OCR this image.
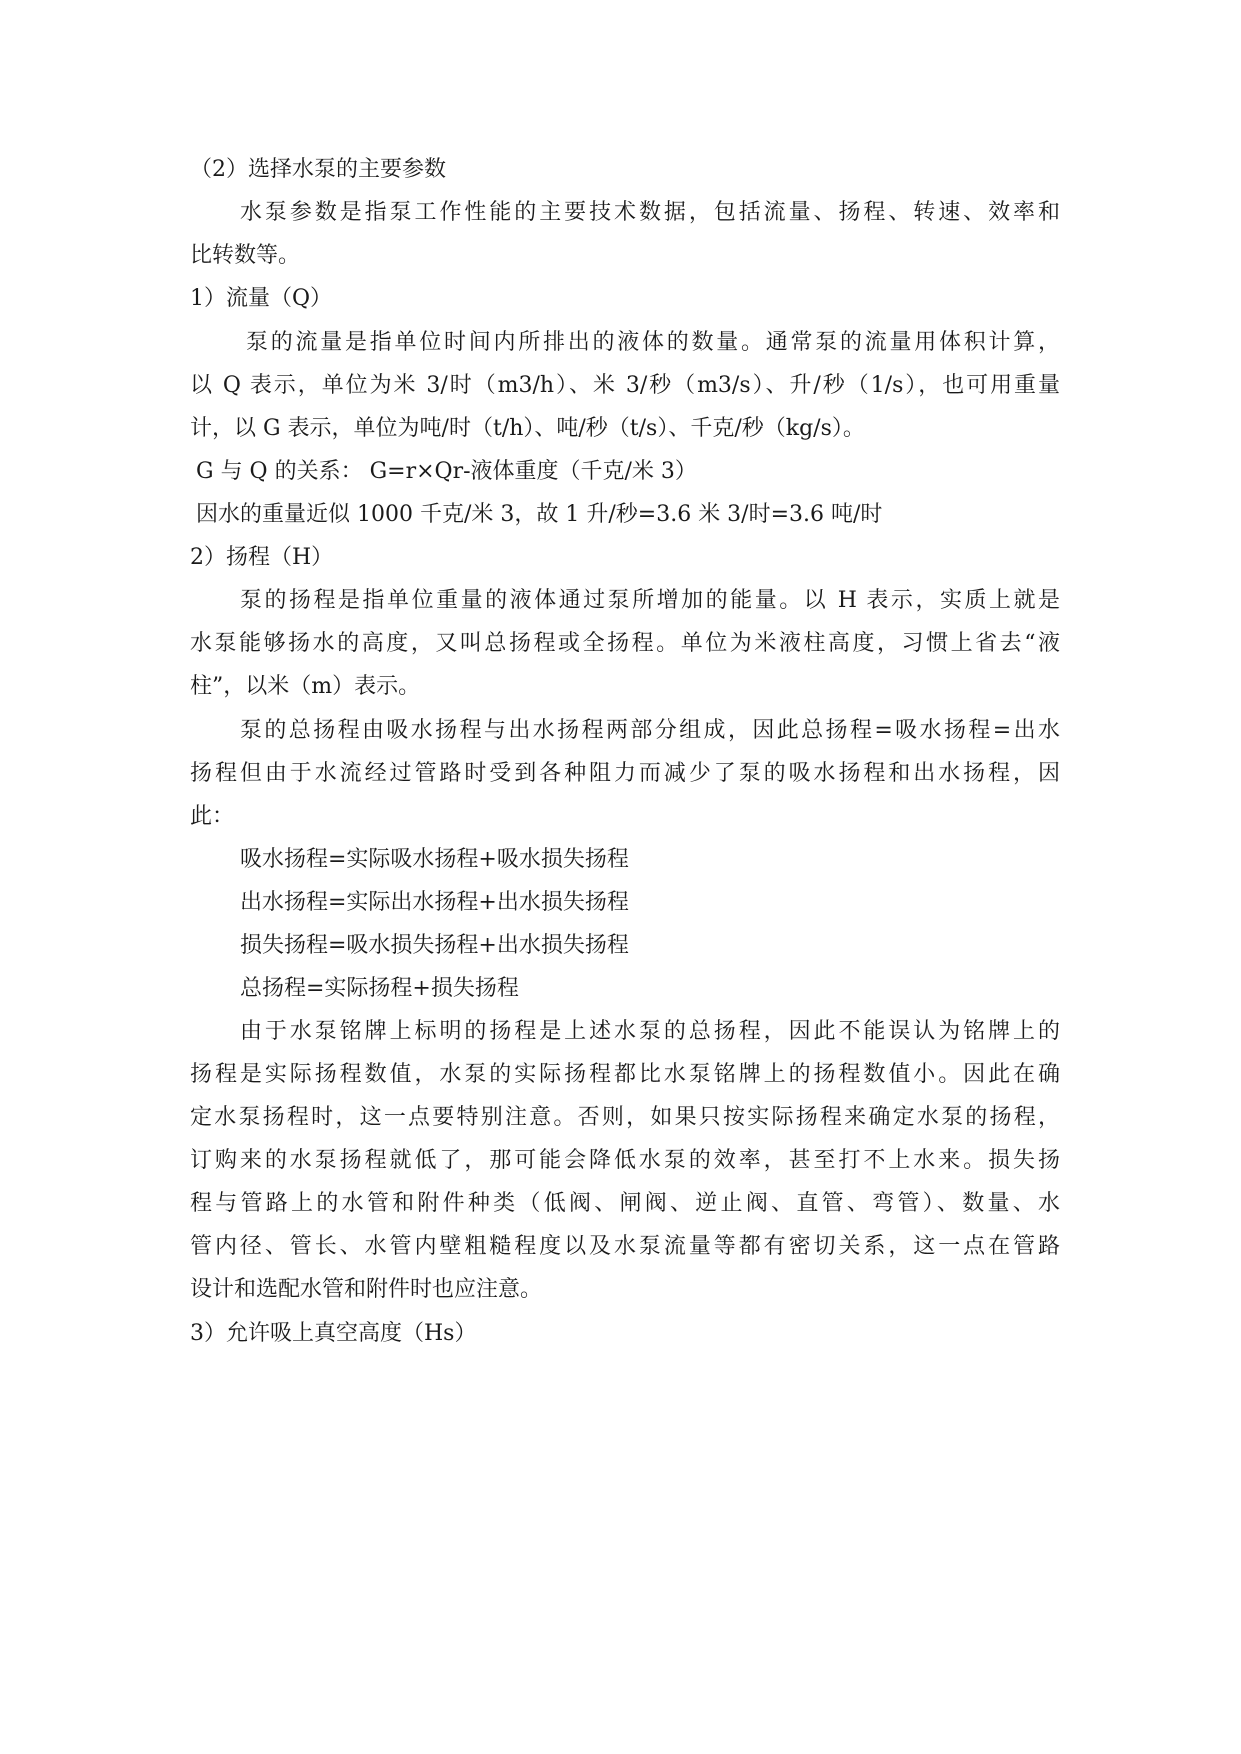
（2）选择水泵的主要参数
水泵参数是指泵工作性能的主要技术数据，包括流量、扬程、转速、效率和
比转数等。
1）流量（Q）
泵的流量是指单位时间内所排出的液体的数量。通常泵的流量用体积计算，
以 Q 表示，单位为米 3/时（m3/h）、米 3/秒（m3/s）、升/秒（1/s），也可用重量
计，以 G 表示，单位为吨/时（t/h）、吨/秒（t/s）、千克/秒（kg/s）。
G 与 Q 的关系： G=r×Qr-液体重度（千克/米 3）
因水的重量近似 1000 千克/米 3，故 1 升/秒=3.6 米 3/时=3.6 吨/时
2）扬程（H）
泵的扬程是指单位重量的液体通过泵所增加的能量。以 H 表示，实质上就是
水泵能够扬水的高度，又叫总扬程或全扬程。单位为米液柱高度，习惯上省去“液
柱”，以米（m）表示。
泵的总扬程由吸水扬程与出水扬程两部分组成，因此总扬程=吸水扬程=出水
扬程但由于水流经过管路时受到各种阻力而减少了泵的吸水扬程和出水扬程，因
此：
吸水扬程=实际吸水扬程+吸水损失扬程
出水扬程=实际出水扬程+出水损失扬程
损失扬程=吸水损失扬程+出水损失扬程
总扬程=实际扬程+损失扬程
由于水泵铭牌上标明的扬程是上述水泵的总扬程，因此不能误认为铭牌上的
扬程是实际扬程数值，水泵的实际扬程都比水泵铭牌上的扬程数值小。因此在确
定水泵扬程时，这一点要特别注意。否则，如果只按实际扬程来确定水泵的扬程，
订购来的水泵扬程就低了，那可能会降低水泵的效率，甚至打不上水来。损失扬
程与管路上的水管和附件种类（低阀、闸阀、逆止阀、直管、弯管）、数量、水
管内径、管长、水管内壁粗糙程度以及水泵流量等都有密切关系，这一点在管路
设计和选配水管和附件时也应注意。
3）允许吸上真空高度（Hs）
